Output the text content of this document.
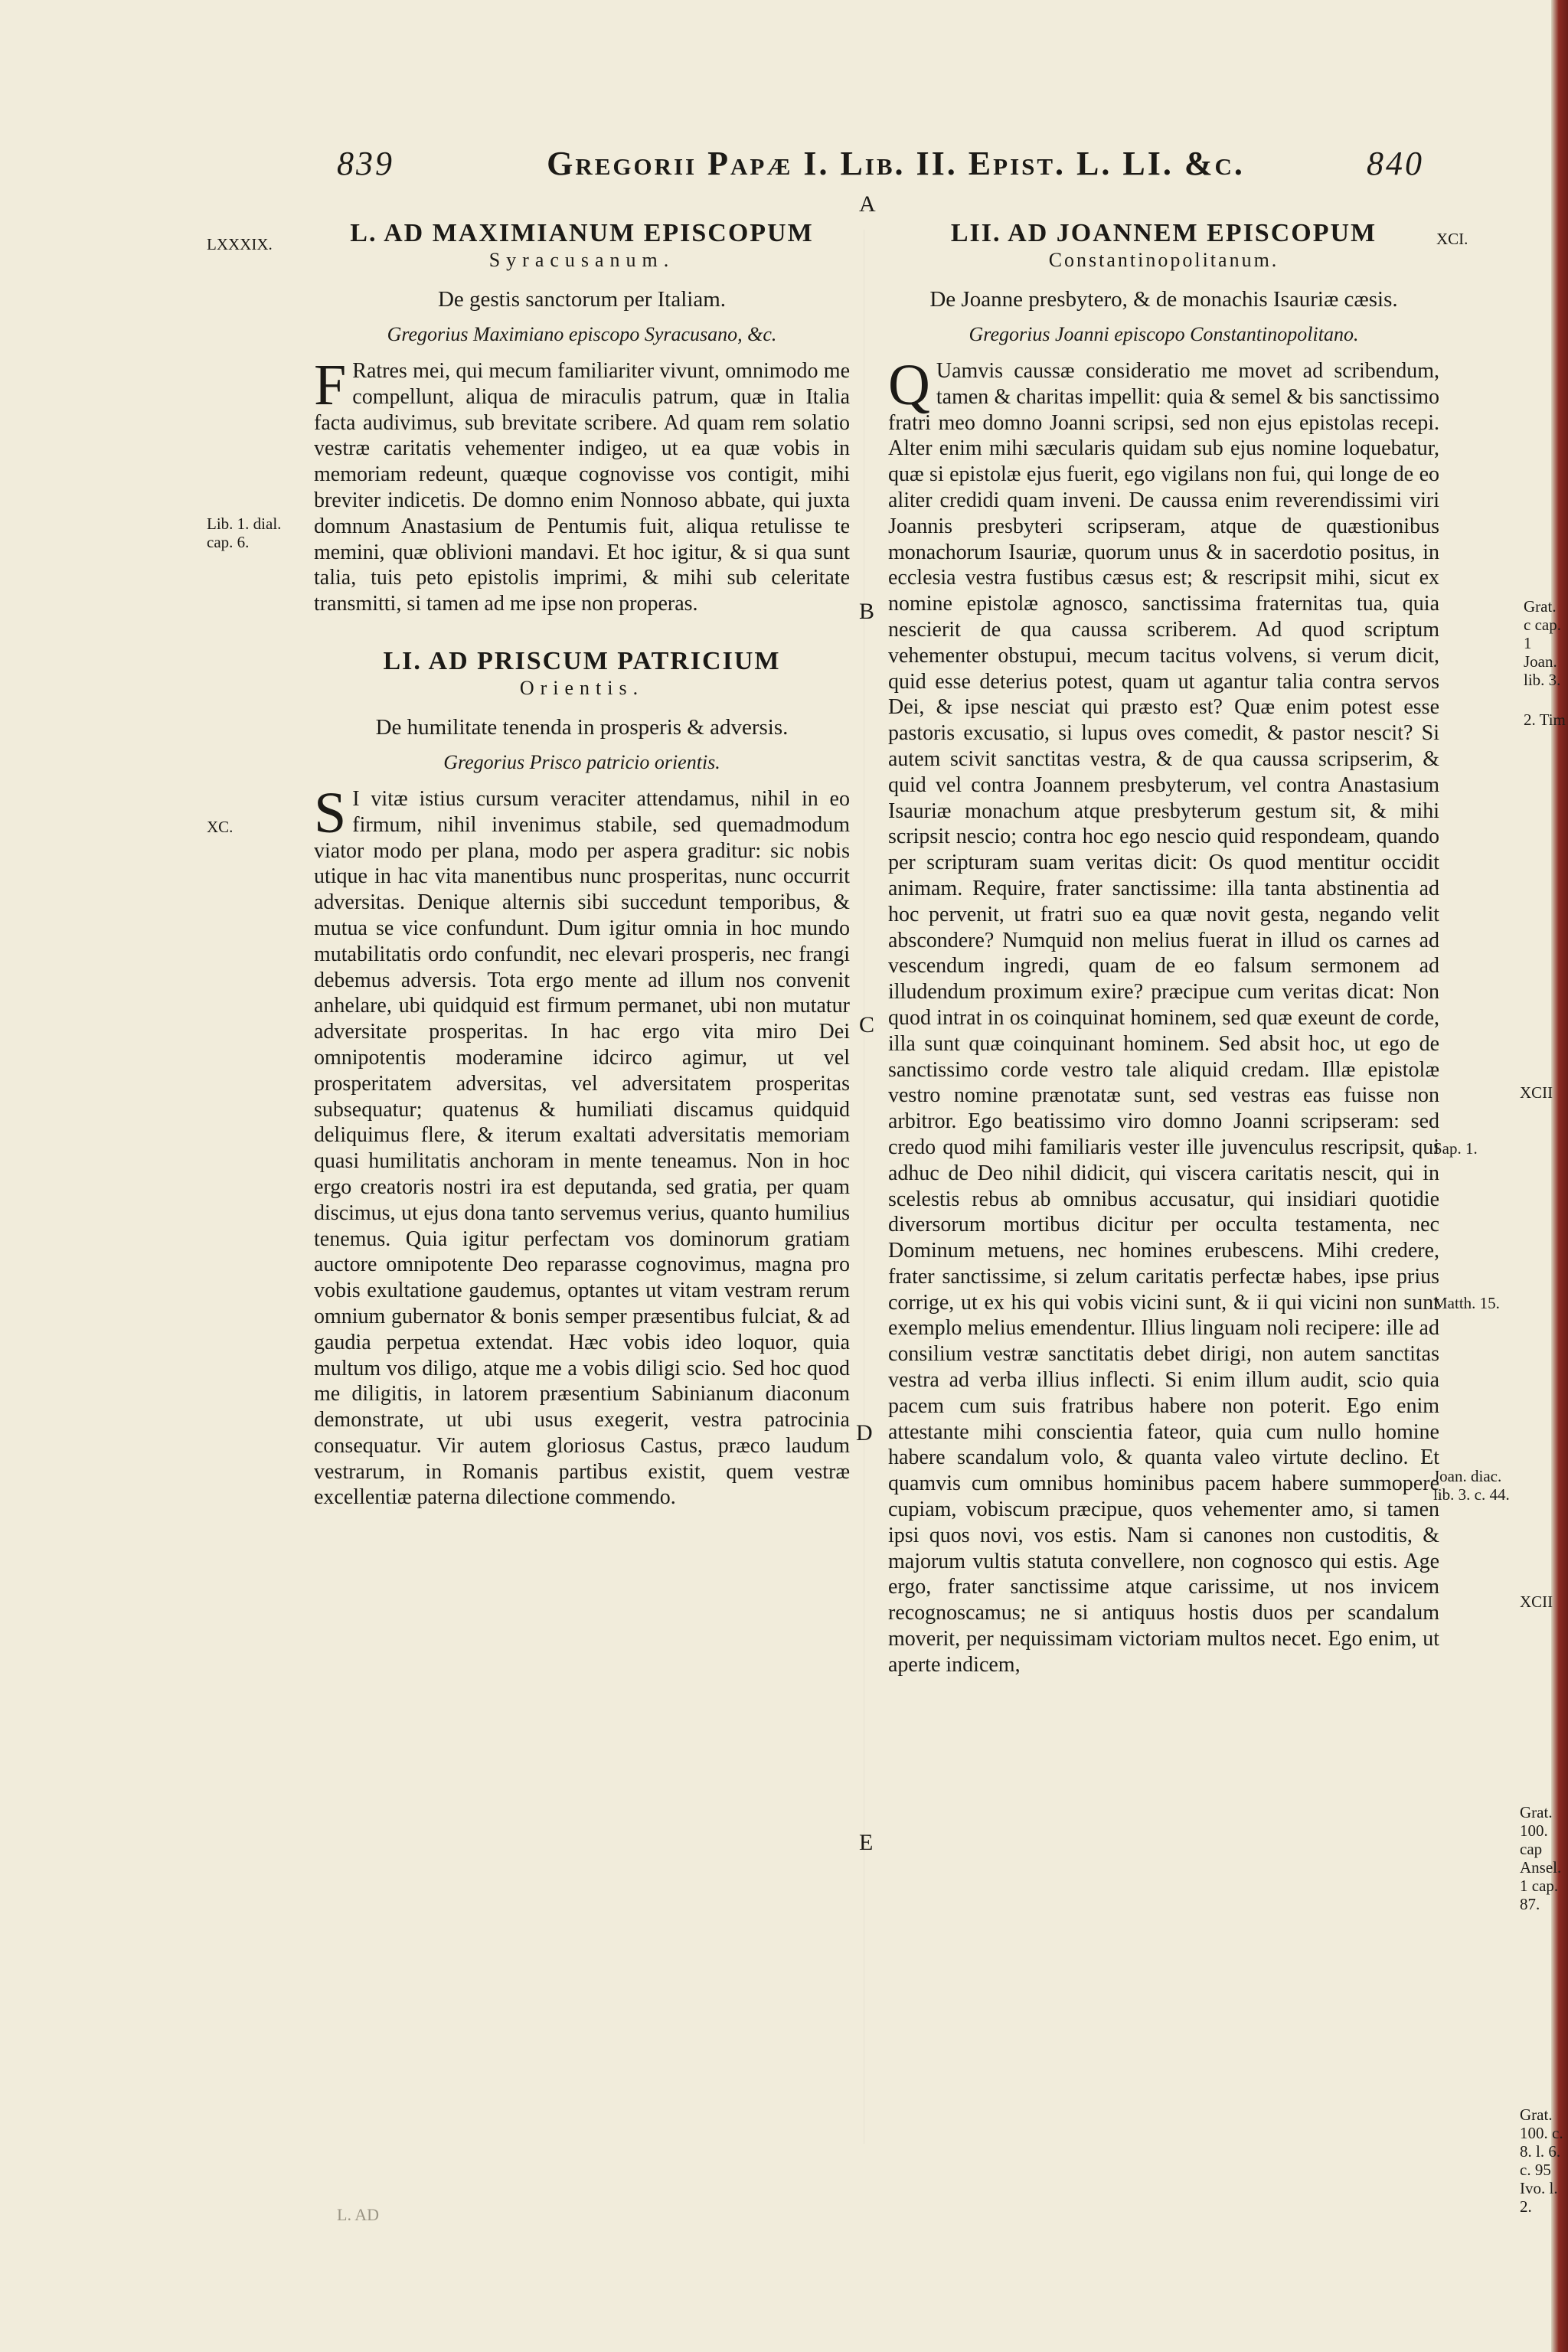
839	Gregorii Papæ I. Lib. II. Epist. L. LI. &c.	840
A
B
C
D
E
LXXXIX.
Lib. 1. dial. cap. 6.
XC.
XCI.
Grat. c cap. 1 Joan. lib. 3.
2. Tim
XCII
Sap. 1.
Matth. 15.
Joan. diac. lib. 3. c. 44.
XCII
Grat. 100. cap Ansel. 1 cap. 87.
Grat. 100. c. 8. l. 6. c. 95 Ivo. l. 2.
L. AD MAXIMIANUM EPISCOPUM
Syracusanum.
De gestis sanctorum per Italiam.
Gregorius Maximiano episcopo Syracusano, &c.

F Ratres mei, qui mecum familiariter vivunt, omnimodo me compellunt, aliqua de miraculis patrum, quæ in Italia facta audivimus, sub brevitate scribere. Ad quam rem solatio vestræ caritatis vehementer indigeo, ut ea quæ vobis in memoriam redeunt, quæque cognovisse vos contigit, mihi breviter indicetis. De domno enim Nonnoso abbate, qui juxta domnum Anastasium de Pentumis fuit, aliqua retulisse te memini, quæ oblivioni mandavi. Et hoc igitur, & si qua sunt talia, tuis peto epistolis imprimi, & mihi sub celeritate transmitti, si tamen ad me ipse non properas.

LI. AD PRISCUM PATRICIUM
Orientis.
De humilitate tenenda in prosperis & adversis.
Gregorius Prisco patricio orientis.

S I vitæ istius cursum veraciter attendamus, nihil in eo firmum, nihil invenimus stabile, sed quemadmodum viator modo per plana, modo per aspera graditur: sic nobis utique in hac vita manentibus nunc prosperitas, nunc occurrit adversitas. Denique alternis sibi succedunt temporibus, & mutua se vice confundunt. Dum igitur omnia in hoc mundo mutabilitatis ordo confundit, nec elevari prosperis, nec frangi debemus adversis. Tota ergo mente ad illum nos convenit anhelare, ubi quidquid est firmum permanet, ubi non mutatur adversitate prosperitas. In hac ergo vita miro Dei omnipotentis moderamine idcirco agimur, ut vel prosperitatem adversitas, vel adversitatem prosperitas subsequatur; quatenus & humiliati discamus quidquid deliquimus flere, & iterum exaltati adversitatis memoriam quasi humilitatis anchoram in mente teneamus. Non in hoc ergo creatoris nostri ira est deputanda, sed gratia, per quam discimus, ut ejus dona tanto servemus verius, quanto humilius tenemus. Quia igitur perfectam vos dominorum gratiam auctore omnipotente Deo reparasse cognovimus, magna pro vobis exultatione gaudemus, optantes ut vitam vestram rerum omnium gubernator & bonis semper præsentibus fulciat, & ad gaudia perpetua extendat. Hæc vobis ideo loquor, quia multum vos diligo, atque me a vobis diligi scio. Sed hoc quod me diligitis, in latorem præsentium Sabinianum diaconum demonstrate, ut ubi usus exegerit, vestra patrocinia consequatur. Vir autem gloriosus Castus, præco laudum vestrarum, in Romanis partibus existit, quem vestræ excellentiæ paterna dilectione commendo.

LII. AD JOANNEM EPISCOPUM
Constantinopolitanum.
De Joanne presbytero, & de monachis Isauriæ cæsis.
Gregorius Joanni episcopo Constantinopolitano.

Q Uamvis caussæ consideratio me movet ad scribendum, tamen & charitas impellit: quia & semel & bis sanctissimo fratri meo domno Joanni scripsi, sed non ejus epistolas recepi. Alter enim mihi sæcularis quidam sub ejus nomine loquebatur, quæ si epistolæ ejus fuerit, ego vigilans non fui, qui longe de eo aliter credidi quam inveni. De caussa enim reverendissimi viri Joannis presbyteri scripseram, atque de quæstionibus monachorum Isauriæ, quorum unus & in sacerdotio positus, in ecclesia vestra fustibus cæsus est; & rescripsit mihi, sicut ex nomine epistolæ agnosco, sanctissima fraternitas tua, quia nescierit de qua caussa scriberem. Ad quod scriptum vehementer obstupui, mecum tacitus volvens, si verum dicit, quid esse deterius potest, quam ut agantur talia contra servos Dei, & ipse nesciat qui præsto est? Quæ enim potest esse pastoris excusatio, si lupus oves comedit, & pastor nescit? Si autem scivit sanctitas vestra, & de qua caussa scripserim, & quid vel contra Joannem presbyterum, vel contra Anastasium Isauriæ monachum atque presbyterum gestum sit, & mihi scripsit nescio; contra hoc ego nescio quid respondeam, quando per scripturam suam veritas dicit: Os quod mentitur occidit animam. Require, frater sanctissime: illa tanta abstinentia ad hoc pervenit, ut fratri suo ea quæ novit gesta, negando velit abscondere? Numquid non melius fuerat in illud os carnes ad vescendum ingredi, quam de eo falsum sermonem ad illudendum proximum exire? præcipue cum veritas dicat: Non quod intrat in os coinquinat hominem, sed quæ exeunt de corde, illa sunt quæ coinquinant hominem. Sed absit hoc, ut ego de sanctissimo corde vestro tale aliquid credam. Illæ epistolæ vestro nomine prænotatæ sunt, sed vestras eas fuisse non arbitror. Ego beatissimo viro domno Joanni scripseram: sed credo quod mihi familiaris vester ille juvenculus rescripsit, qui adhuc de Deo nihil didicit, qui viscera caritatis nescit, qui in scelestis rebus ab omnibus accusatur, qui insidiari quotidie diversorum mortibus dicitur per occulta testamenta, nec Dominum metuens, nec homines erubescens. Mihi credere, frater sanctissime, si zelum caritatis perfectæ habes, ipse prius corrige, ut ex his qui vobis vicini sunt, & ii qui vicini non sunt exemplo melius emendentur. Illius linguam noli recipere: ille ad consilium vestræ sanctitatis debet dirigi, non autem sanctitas vestra ad verba illius inflecti. Si enim illum audit, scio quia pacem cum suis fratribus habere non poterit. Ego enim attestante mihi conscientia fateor, quia cum nullo homine habere scandalum volo, & quanta valeo virtute declino. Et quamvis cum omnibus hominibus pacem habere summopere cupiam, vobiscum præcipue, quos vehementer amo, si tamen ipsi quos novi, vos estis. Nam si canones non custoditis, & majorum vultis statuta convellere, non cognosco qui estis. Age ergo, frater sanctissime atque carissime, ut nos invicem recognoscamus; ne si antiquus hostis duos per scandalum moverit, per nequissimam victoriam multos necet. Ego enim, ut aperte indicem,

L. AD
